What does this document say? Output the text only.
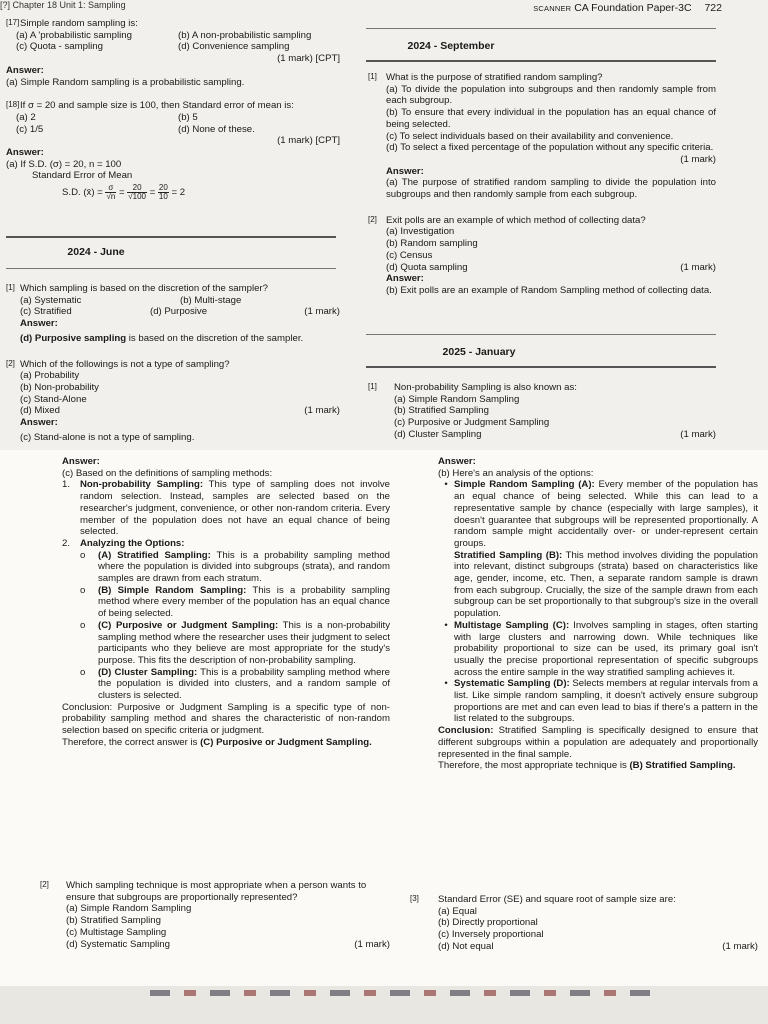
[?] Chapter 18 Unit 1: Sampling	SCANNER CA Foundation Paper-3C 722
[17] Simple random sampling is:
(a) A 'probabilistic sampling	(b) A non-probabilistic sampling
(c) Quota - sampling	(d) Convenience sampling
(1 mark) [CPT]
Answer:
(a) Simple Random sampling is a probabilistic sampling.
[18] If σ = 20 and sample size is 100, then Standard error of mean is:
(a) 2	(b) 5
(c) 1/5	(d) None of these.
(1 mark) [CPT]
Answer:
(a) If S.D. (σ) = 20, n = 100
Standard Error of Mean
S.D. (x̄) = $\frac{\sigma}{√n} = \frac{20}{√100} = \frac{20}{10} = 2$
2024 - June
[1] Which sampling is based on the discretion of the sampler?
(a) Systematic	(b) Multi-stage
(c) Stratified	(d) Purposive	(1 mark)
Answer:
(d) Purposive sampling is based on the discretion of the sampler.
[2] Which of the followings is not a type of sampling?
(a) Probability
(b) Non-probability
(c) Stand-Alone
(d) Mixed	(1 mark)
Answer:
(c) Stand-alone is not a type of sampling.
2024 - September
[1] What is the purpose of stratified random sampling?
(a) To divide the population into subgroups and then randomly sample from each subgroup.
(b) To ensure that every individual in the population has an equal chance of being selected.
(c) To select individuals based on their availability and convenience.
(d) To select a fixed percentage of the population without any specific criteria.
(1 mark)
Answer:
(a) The purpose of stratified random sampling to divide the population into subgroups and then randomly sample from each subgroup.
[2] Exit polls are an example of which method of collecting data?
(a) Investigation
(b) Random sampling
(c) Census
(d) Quota sampling	(1 mark)
Answer:
(b) Exit polls are an example of Random Sampling method of collecting data.
2025 - January
[1]	Non-probability Sampling is also known as:
(a) Simple Random Sampling
(b) Stratified Sampling
(c) Purposive or Judgment Sampling
(d) Cluster Sampling	(1 mark)
Answer:
(c) Based on the definitions of sampling methods:
1.	Non-probability Sampling: This type of sampling does not involve random selection. Instead, samples are selected based on the researcher's judgment, convenience, or other non-random criteria. Every member of the population does not have an equal chance of being selected.
2.	Analyzing the Options:
o	(A) Stratified Sampling: This is a probability sampling method where the population is divided into subgroups (strata), and random samples are drawn from each stratum.
o	(B) Simple Random Sampling: This is a probability sampling method where every member of the population has an equal chance of being selected.
o	(C) Purposive or Judgment Sampling: This is a non-probability sampling method where the researcher uses their judgment to select participants who they believe are most appropriate for the study's purpose. This fits the description of non-probability sampling.
o	(D) Cluster Sampling: This is a probability sampling method where the population is divided into clusters, and a random sample of clusters is selected.

Conclusion: Purposive or Judgment Sampling is a specific type of non-probability sampling method and shares the characteristic of non-random selection based on specific criteria or judgment.

Therefore, the correct answer is (C) Purposive or Judgment Sampling.

[2]	Which sampling technique is most appropriate when a person wants to ensure that subgroups are proportionally represented?
(a) Simple Random Sampling
(b) Stratified Sampling
(c) Multistage Sampling
(d) Systematic Sampling	(1 mark)
Answer:
(b) Here's an analysis of the options:
• Simple Random Sampling (A): Every member of the population has an equal chance of being selected. While this can lead to a representative sample by chance (especially with large samples), it doesn't guarantee that subgroups will be represented proportionally. A random sample might accidentally over- or under-represent certain groups.
Stratified Sampling (B): This method involves dividing the population into relevant, distinct subgroups (strata) based on characteristics like age, gender, income, etc. Then, a separate random sample is drawn from each subgroup. Crucially, the size of the sample drawn from each subgroup can be set proportionally to that subgroup's size in the overall population.
• Multistage Sampling (C): Involves sampling in stages, often starting with large clusters and narrowing down. While techniques like probability proportional to size can be used, its primary goal isn't usually the precise proportional representation of specific subgroups across the entire sample in the way stratified sampling achieves it.
• Systematic Sampling (D): Selects members at regular intervals from a list. Like simple random sampling, it doesn't actively ensure subgroup proportions are met and can even lead to bias if there's a pattern in the list related to the subgroups.

Conclusion: Stratified Sampling is specifically designed to ensure that different subgroups within a population are adequately and proportionally represented in the final sample.

Therefore, the most appropriate technique is (B) Stratified Sampling.

[3]	Standard Error (SE) and square root of sample size are:
(a) Equal
(b) Directly proportional
(c) Inversely proportional
(d) Not equal	(1 mark)
